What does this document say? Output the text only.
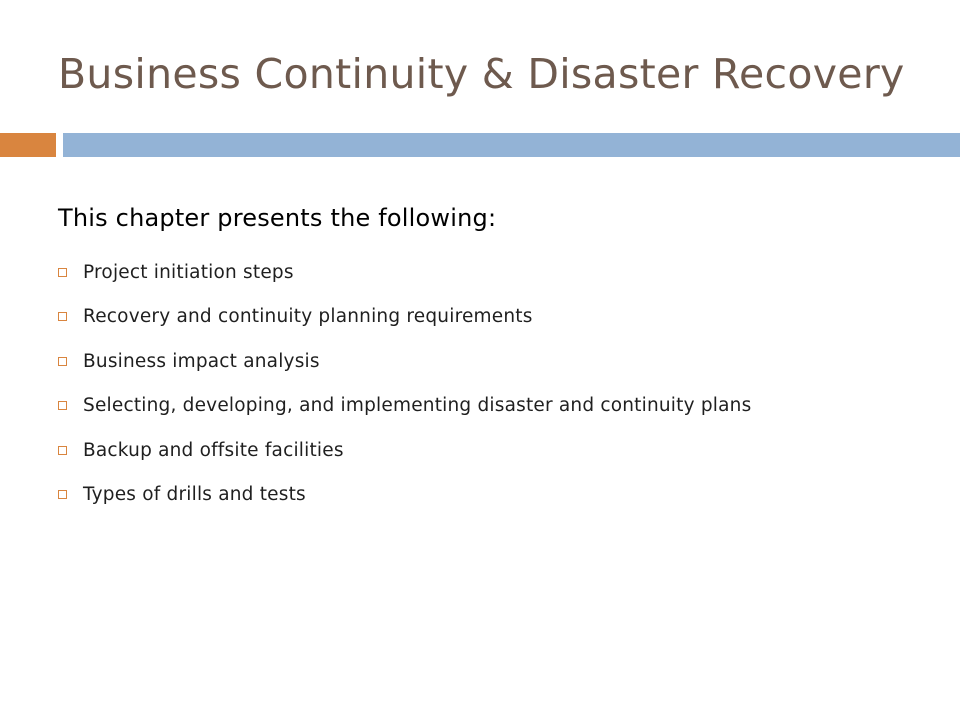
Business Continuity & Disaster Recovery

This chapter presents the following:

Project initiation steps
Recovery and continuity planning requirements
Business impact analysis
Selecting, developing, and implementing disaster and continuity plans
Backup and offsite facilities
Types of drills and tests
